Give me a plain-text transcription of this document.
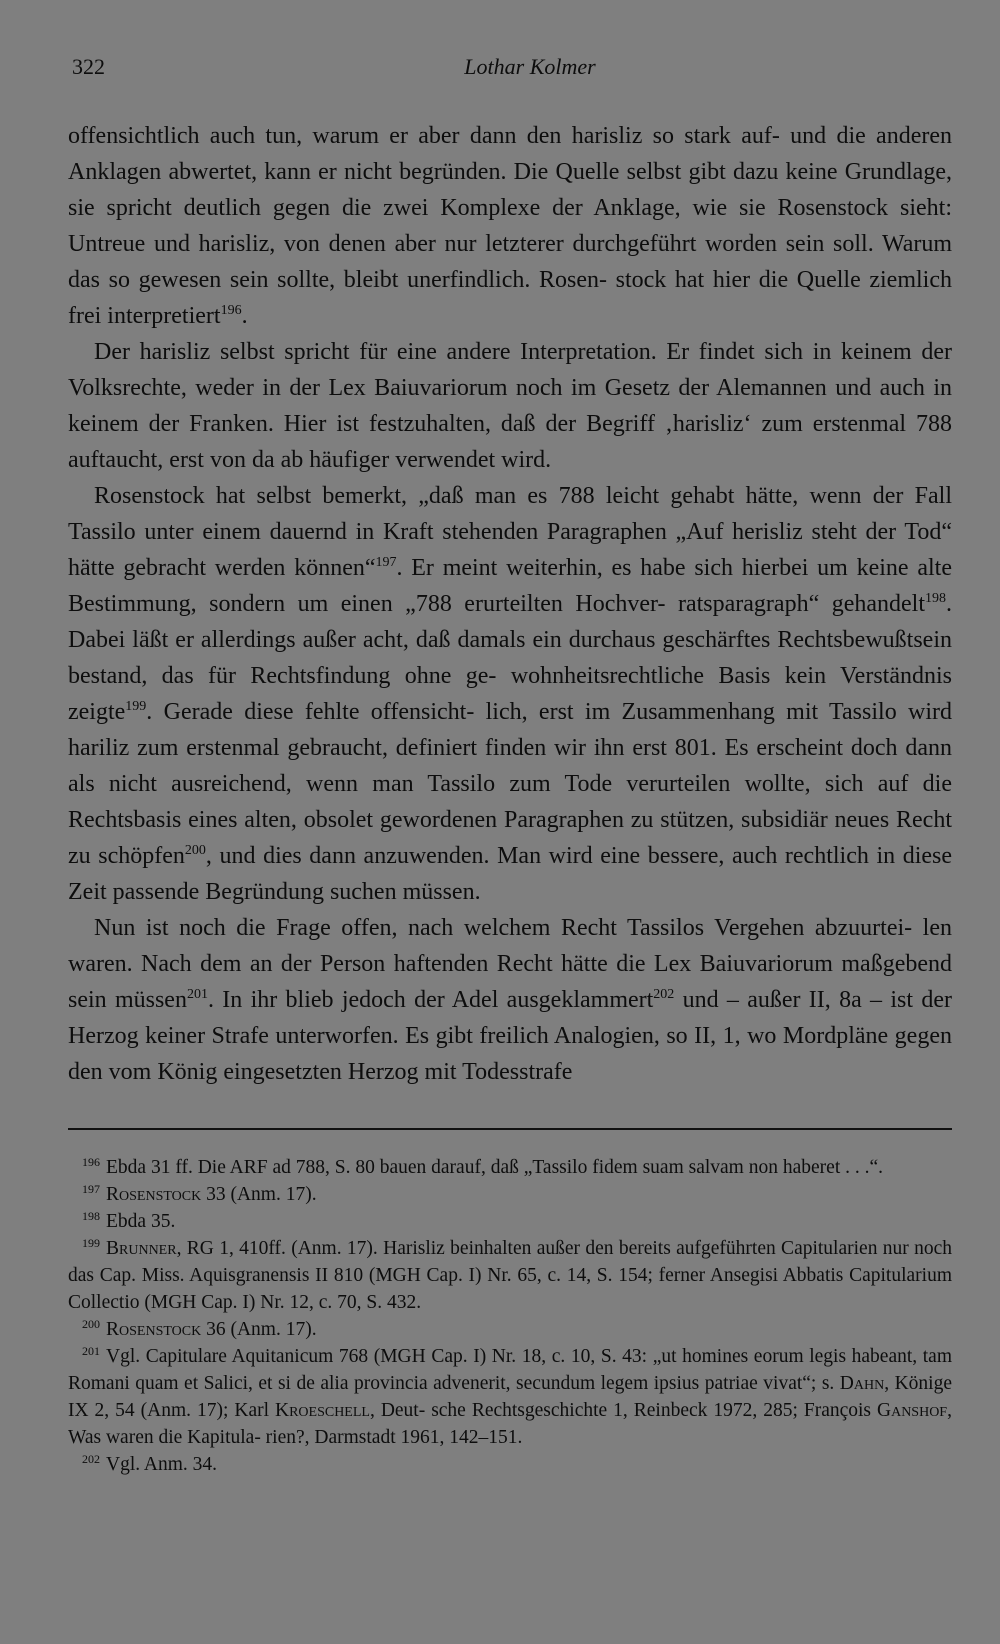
322	Lothar Kolmer

offensichtlich auch tun, warum er aber dann den harisliz so stark auf- und die anderen Anklagen abwertet, kann er nicht begründen. Die Quelle selbst gibt dazu keine Grundlage, sie spricht deutlich gegen die zwei Komplexe der Anklage, wie sie Rosenstock sieht: Untreue und harisliz, von denen aber nur letzterer durchgeführt worden sein soll. Warum das so gewesen sein sollte, bleibt unerfindlich. Rosen- stock hat hier die Quelle ziemlich frei interpretiert$^{196}$.

Der harisliz selbst spricht für eine andere Interpretation. Er findet sich in keinem der Volksrechte, weder in der Lex Baiuvariorum noch im Gesetz der Alemannen und auch in keinem der Franken. Hier ist festzuhalten, daß der Begriff ‚harisliz‘ zum erstenmal 788 auftaucht, erst von da ab häufiger verwendet wird.

Rosenstock hat selbst bemerkt, „daß man es 788 leicht gehabt hätte, wenn der Fall Tassilo unter einem dauernd in Kraft stehenden Paragraphen „Auf herisliz steht der Tod“ hätte gebracht werden können“$^{197}$. Er meint weiterhin, es habe sich hierbei um keine alte Bestimmung, sondern um einen „788 erurteilten Hochver- ratsparagraph“ gehandelt$^{198}$. Dabei läßt er allerdings außer acht, daß damals ein durchaus geschärftes Rechtsbewußtsein bestand, das für Rechtsfindung ohne ge- wohnheitsrechtliche Basis kein Verständnis zeigte$^{199}$. Gerade diese fehlte offensicht- lich, erst im Zusammenhang mit Tassilo wird hariliz zum erstenmal gebraucht, definiert finden wir ihn erst 801. Es erscheint doch dann als nicht ausreichend, wenn man Tassilo zum Tode verurteilen wollte, sich auf die Rechtsbasis eines alten, obsolet gewordenen Paragraphen zu stützen, subsidiär neues Recht zu schöpfen$^{200}$, und dies dann anzuwenden. Man wird eine bessere, auch rechtlich in diese Zeit passende Begründung suchen müssen.

Nun ist noch die Frage offen, nach welchem Recht Tassilos Vergehen abzuurtei- len waren. Nach dem an der Person haftenden Recht hätte die Lex Baiuvariorum maßgebend sein müssen$^{201}$. In ihr blieb jedoch der Adel ausgeklammert$^{202}$ und – außer II, 8a – ist der Herzog keiner Strafe unterworfen. Es gibt freilich Analogien, so II, 1, wo Mordpläne gegen den vom König eingesetzten Herzog mit Todesstrafe

$^{196}$ Ebda 31 ff. Die ARF ad 788, S. 80 bauen darauf, daß „Tassilo fidem suam salvam non haberet . . .“.

$^{197}$ Rosenstock 33 (Anm. 17).

$^{198}$ Ebda 35.

$^{199}$ Brunner, RG 1, 410ff. (Anm. 17). Harisliz beinhalten außer den bereits aufgeführten Capitularien nur noch das Cap. Miss. Aquisgranensis II 810 (MGH Cap. I) Nr. 65, c. 14, S. 154; ferner Ansegisi Abbatis Capitularium Collectio (MGH Cap. I) Nr. 12, c. 70, S. 432.

$^{200}$ Rosenstock 36 (Anm. 17).

$^{201}$ Vgl. Capitulare Aquitanicum 768 (MGH Cap. I) Nr. 18, c. 10, S. 43: „ut homines eorum legis habeant, tam Romani quam et Salici, et si de alia provincia advenerit, secundum legem ipsius patriae vivat“; s. Dahn, Könige IX 2, 54 (Anm. 17); Karl Kroeschell, Deut- sche Rechtsgeschichte 1, Reinbeck 1972, 285; François Ganshof, Was waren die Kapitula- rien?, Darmstadt 1961, 142–151.

$^{202}$ Vgl. Anm. 34.
